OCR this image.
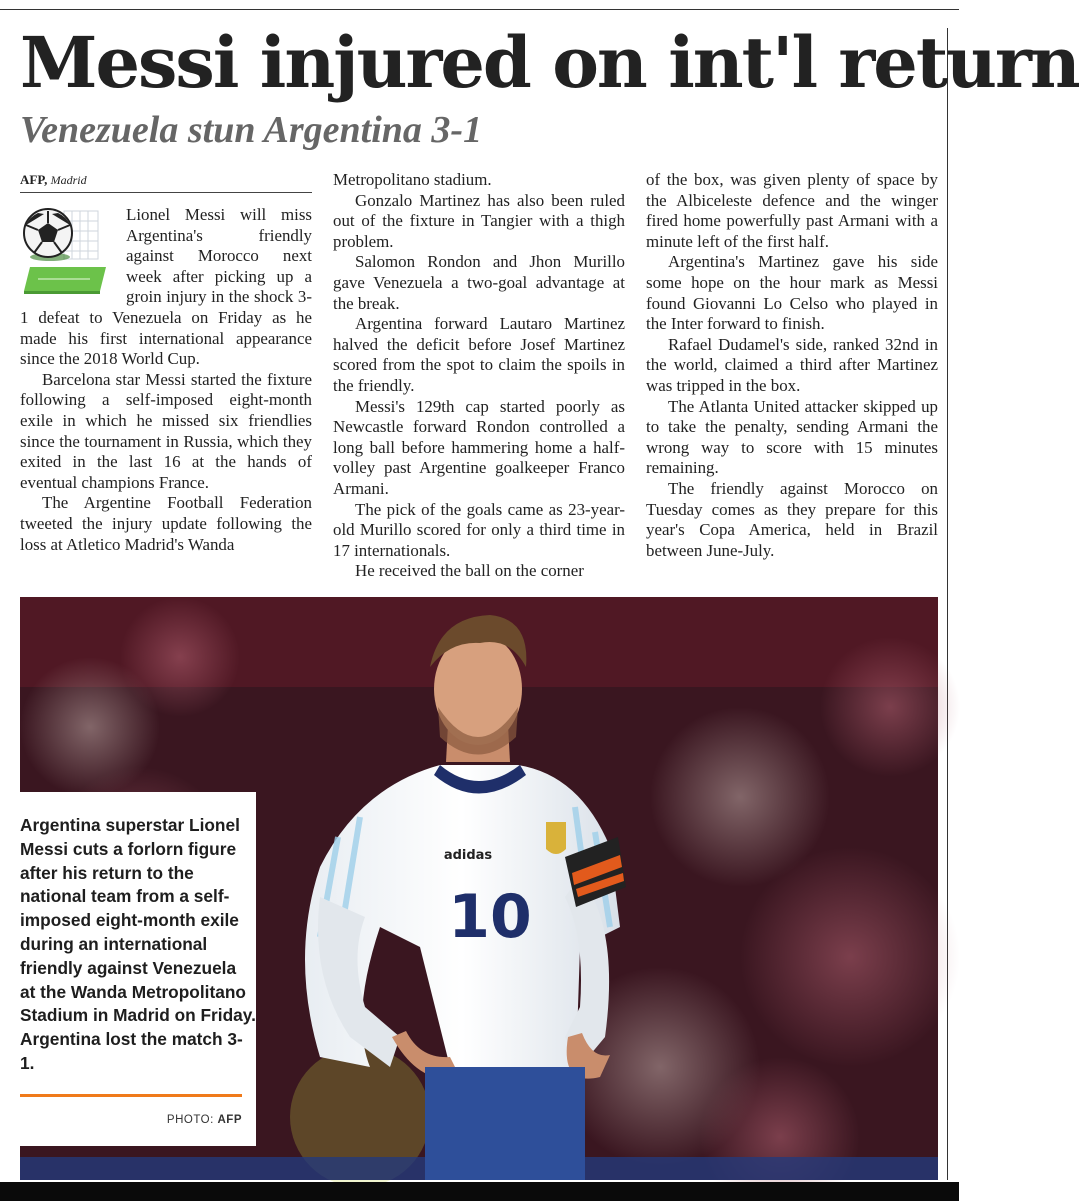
Messi injured on int'l return
Venezuela stun Argentina 3-1
AFP, Madrid

Lionel Messi will miss Argentina's friendly against Morocco next week after picking up a groin injury in the shock 3-1 defeat to Venezuela on Friday as he made his first international appearance since the 2018 World Cup.

Barcelona star Messi started the fixture following a self-imposed eight-month exile in which he missed six friendlies since the tournament in Russia, which they exited in the last 16 at the hands of eventual champions France.

The Argentine Football Federation tweeted the injury update following the loss at Atletico Madrid's Wanda

Metropolitano stadium.

Gonzalo Martinez has also been ruled out of the fixture in Tangier with a thigh problem.

Salomon Rondon and Jhon Murillo gave Venezuela a two-goal advantage at the break.

Argentina forward Lautaro Martinez halved the deficit before Josef Martinez scored from the spot to claim the spoils in the friendly.

Messi's 129th cap started poorly as Newcastle forward Rondon controlled a long ball before hammering home a half-volley past Argentine goalkeeper Franco Armani.

The pick of the goals came as 23-year-old Murillo scored for only a third time in 17 internationals.

He received the ball on the corner

of the box, was given plenty of space by the Albiceleste defence and the winger fired home powerfully past Armani with a minute left of the first half.

Argentina's Martinez gave his side some hope on the hour mark as Messi found Giovanni Lo Celso who played in the Inter forward to finish.

Rafael Dudamel's side, ranked 32nd in the world, claimed a third after Martinez was tripped in the box.

The Atlanta United attacker skipped up to take the penalty, sending Armani the wrong way to score with 15 minutes remaining.

The friendly against Morocco on Tuesday comes as they prepare for this year's Copa America, held in Brazil between June-July.

10
adidas

Argentina superstar Lionel Messi cuts a forlorn figure after his return to the national team from a self-imposed eight-month exile during an international friendly against Venezuela at the Wanda Metropolitano Stadium in Madrid on Friday. Argentina lost the match 3-1.

PHOTO: AFP
